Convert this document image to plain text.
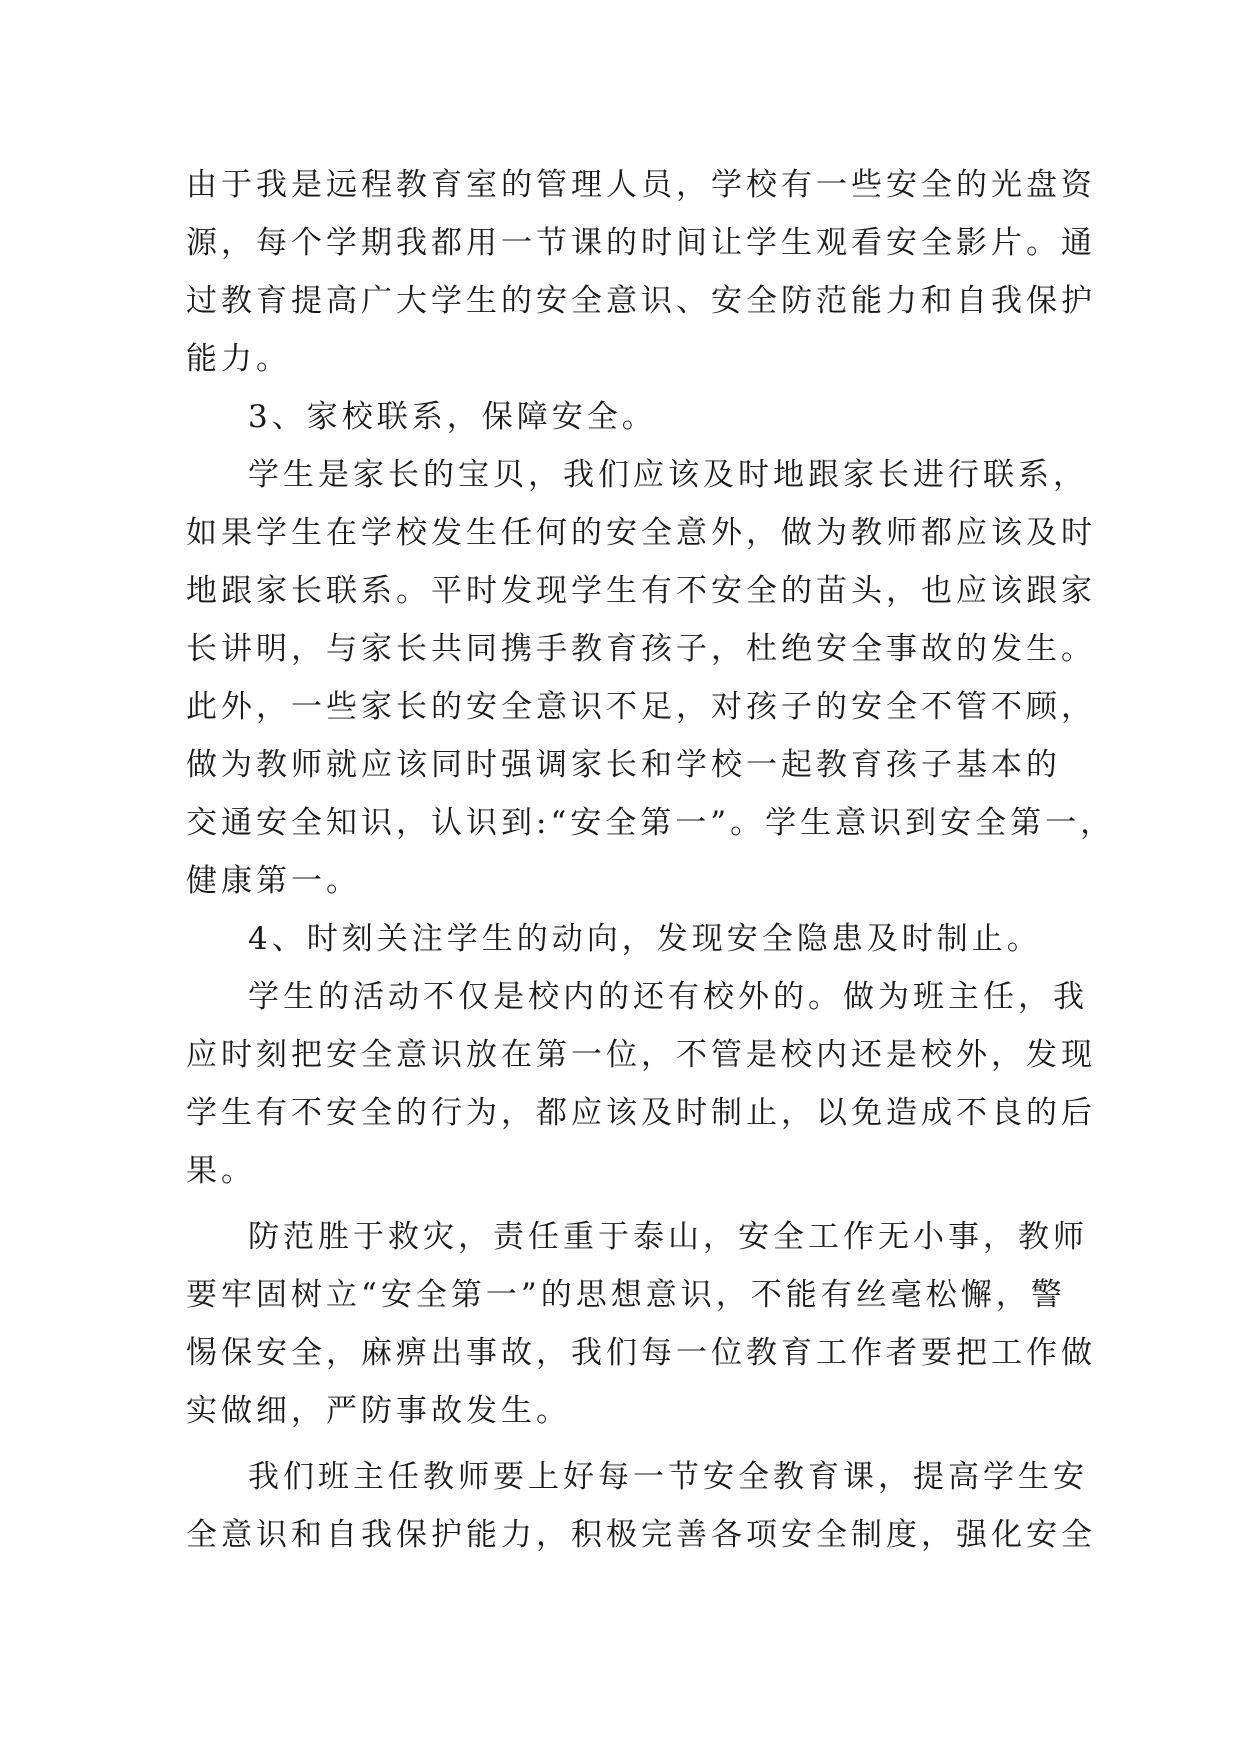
由于我是远程教育室的管理人员，学校有一些安全的光盘资
源，每个学期我都用一节课的时间让学生观看安全影片。通
过教育提高广大学生的安全意识、安全防范能力和自我保护
能力。

3、家校联系，保障安全。

学生是家长的宝贝，我们应该及时地跟家长进行联系，
如果学生在学校发生任何的安全意外，做为教师都应该及时
地跟家长联系。平时发现学生有不安全的苗头，也应该跟家
长讲明，与家长共同携手教育孩子，杜绝安全事故的发生。
此外，一些家长的安全意识不足，对孩子的安全不管不顾，
做为教师就应该同时强调家长和学校一起教育孩子基本的
交通安全知识，认识到:“安全第一”。学生意识到安全第一，
健康第一。

4、时刻关注学生的动向，发现安全隐患及时制止。

学生的活动不仅是校内的还有校外的。做为班主任，我
应时刻把安全意识放在第一位，不管是校内还是校外，发现
学生有不安全的行为，都应该及时制止，以免造成不良的后
果。

防范胜于救灾，责任重于泰山，安全工作无小事，教师
要牢固树立“安全第一”的思想意识，不能有丝毫松懈，警
惕保安全，麻痹出事故，我们每一位教育工作者要把工作做
实做细，严防事故发生。

我们班主任教师要上好每一节安全教育课，提高学生安
全意识和自我保护能力，积极完善各项安全制度，强化安全
